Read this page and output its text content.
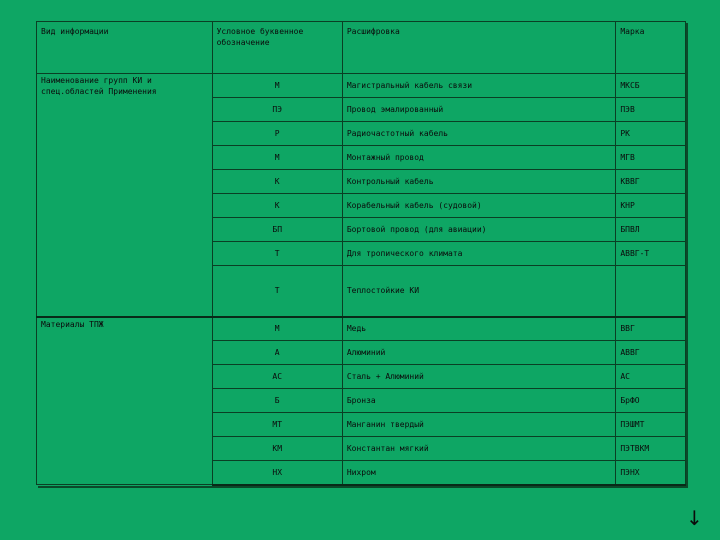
Вид информации	Условное буквенное обозначение	Расшифровка	Марка
Наименование групп КИ и спец.областей Применения	М	Магистральный кабель связи	МКСБ
	ПЭ	Провод эмалированный	ПЭВ
	Р	Радиочастотный кабель	РК
	М	Монтажный провод	МГВ
	К	Контрольный кабель	КВВГ
	К	Корабельный кабель (судовой)	КНР
	БП	Бортовой провод (для авиации)	БПВЛ
	Т	Для тропического климата	АВВГ-Т
	Т	Теплостойкие КИ	
Материалы ТПЖ	М	Медь	ВВГ
	А	Алюминий	АВВГ
	АС	Сталь + Алюминий	АС
	Б	Бронза	БрФО
	МТ	Манганин твердый	ПЭШМТ
	КМ	Константан мягкий	ПЭТВКМ
	НХ	Нихром	ПЭНХ
↓
